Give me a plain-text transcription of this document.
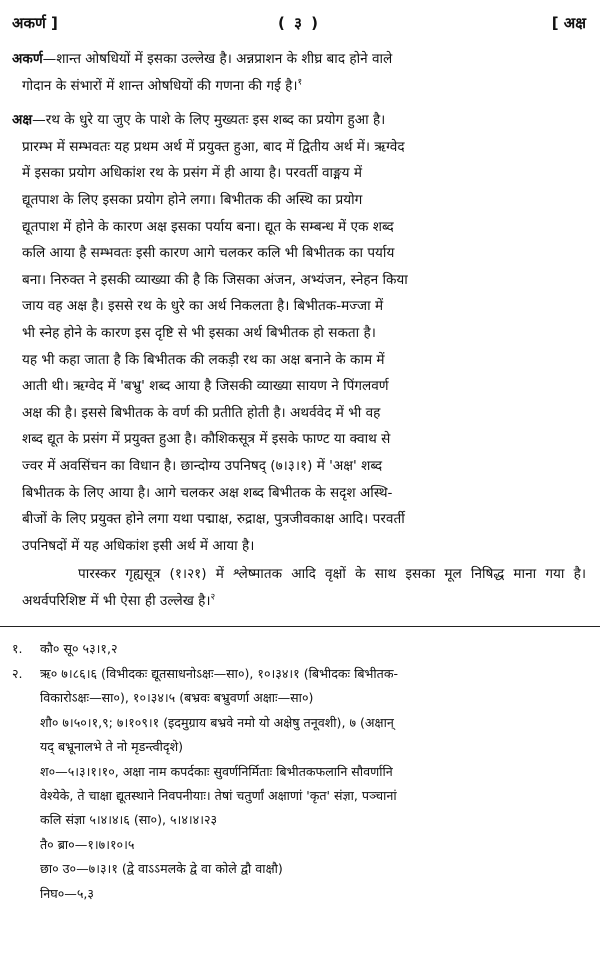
अकर्ण ]	( ३ )	[ अक्ष
अकर्ण—शान्त ओषधियों में इसका उल्लेख है। अन्नप्राशन के शीघ्र बाद होने वाले
गोदान के संभारों में शान्त ओषधियों की गणना की गई है।$^१$
अक्ष—रथ के धुरे या जुए के पाशे के लिए मुख्यतः इस शब्द का प्रयोग हुआ है।
प्रारम्भ में सम्भवतः यह प्रथम अर्थ में प्रयुक्त हुआ, बाद में द्वितीय अर्थ में। ऋग्वेद
में इसका प्रयोग अधिकांश रथ के प्रसंग में ही आया है। परवर्ती वाङ्मय में
द्यूतपाश के लिए इसका प्रयोग होने लगा। बिभीतक की अस्थि का प्रयोग
द्यूतपाश में होने के कारण अक्ष इसका पर्याय बना। द्यूत के सम्बन्ध में एक शब्द
कलि आया है सम्भवतः इसी कारण आगे चलकर कलि भी बिभीतक का पर्याय
बना। निरुक्त ने इसकी व्याख्या की है कि जिसका अंजन, अभ्यंजन, स्नेहन किया
जाय वह अक्ष है। इससे रथ के धुरे का अर्थ निकलता है। बिभीतक-मज्जा में
भी स्नेह होने के कारण इस दृष्टि से भी इसका अर्थ बिभीतक हो सकता है।
यह भी कहा जाता है कि बिभीतक की लकड़ी रथ का अक्ष बनाने के काम में
आती थी। ऋग्वेद में 'बभ्रु' शब्द आया है जिसकी व्याख्या सायण ने पिंगलवर्ण
अक्ष की है। इससे बिभीतक के वर्ण की प्रतीति होती है। अथर्ववेद में भी वह
शब्द द्यूत के प्रसंग में प्रयुक्त हुआ है। कौशिकसूत्र में इसके फाण्ट या क्वाथ से
ज्वर में अवसिंचन का विधान है। छान्दोग्य उपनिषद् (७।३।१) में 'अक्ष' शब्द
बिभीतक के लिए आया है। आगे चलकर अक्ष शब्द बिभीतक के सदृश अस्थि-
बीजों के लिए प्रयुक्त होने लगा यथा पद्माक्ष, रुद्राक्ष, पुत्रजीवकाक्ष आदि। परवर्ती
उपनिषदों में यह अधिकांश इसी अर्थ में आया है।
पारस्कर गृह्यसूत्र (१।२१) में श्लेष्मातक आदि वृक्षों के साथ इसका मूल निषिद्ध माना गया है। अथर्वपरिशिष्ट में भी ऐसा ही उल्लेख है।$^२$
१.	कौ० सू० ५३।१,२
२.	ऋ० ७।८६।६ (विभीदकः द्यूतसाधनोऽक्षः—सा०), १०।३४।१ (बिभीदकः बिभीतक-
विकारोऽक्षः—सा०), १०।३४।५ (बभ्रवः बभ्रुवर्णा अक्षाः—सा०)
शौ० ७।५०।१,९; ७।१०९।१ (इदमुग्राय बभ्रवे नमो यो अक्षेषु तनूवशी), ७ (अक्षान्
यद् बभ्रूनालभे ते नो मृडन्त्वीदृशे)
श०—५।३।१।१०, अक्षा नाम कपर्दकाः सुवर्णनिर्मिताः बिभीतकफलानि सौवर्णानि
वेश्येके, ते चाक्षा द्यूतस्थाने निवपनीयाः। तेषां चतुर्णां अक्षाणां 'कृत' संज्ञा, पञ्चानां
कलि संज्ञा ५।४।४।६ (सा०), ५।४।४।२३
तै० ब्रा०—१।७।१०।५
छा० उ०—७।३।१ (द्वे वाऽऽमलके द्वे वा कोले द्वौ वाक्षौ)
निघ०—५,३
